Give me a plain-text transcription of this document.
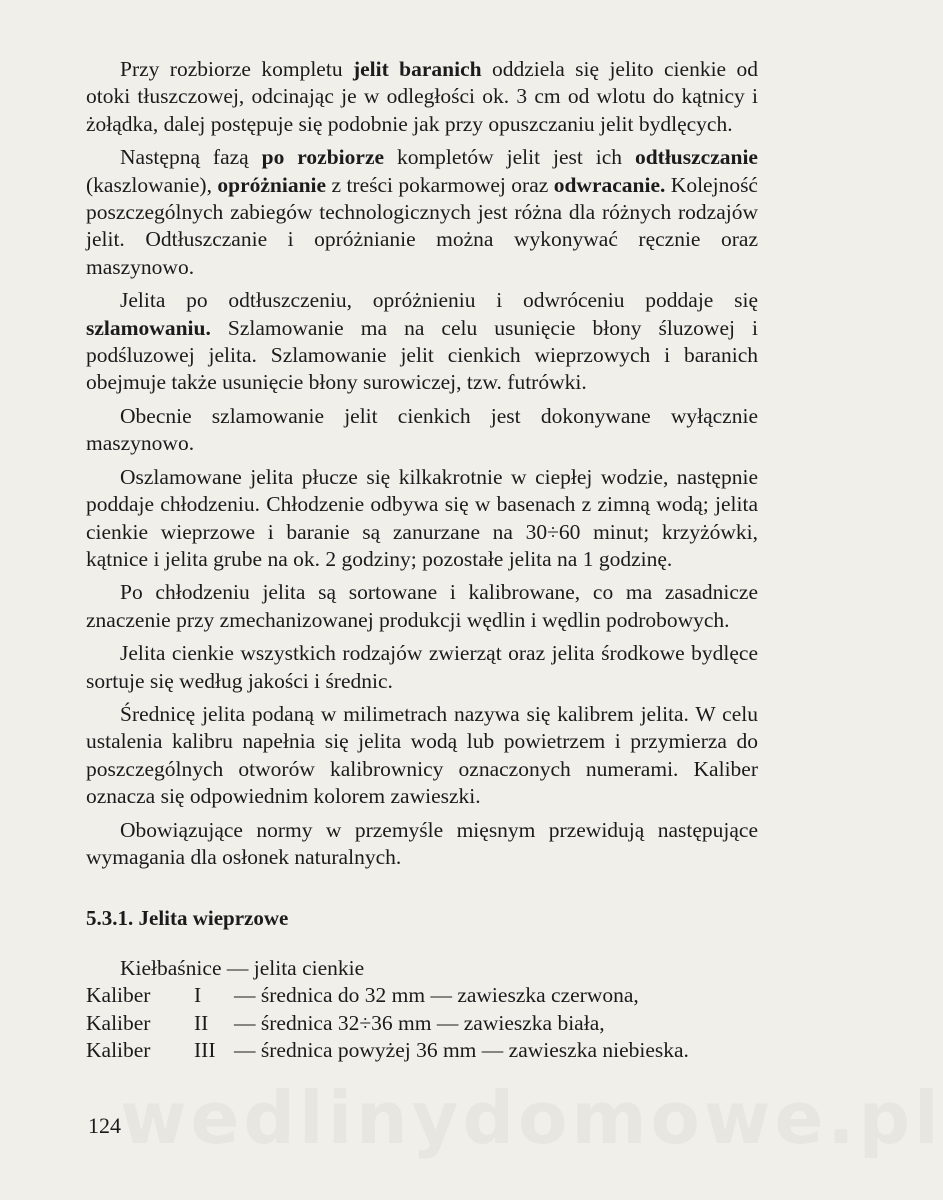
wedlinydomowe.pl

Przy rozbiorze kompletu jelit baranich oddziela się jelito cienkie od otoki tłuszczowej, odcinając je w odległości ok. 3 cm od wlotu do kątnicy i żołądka, dalej postępuje się podobnie jak przy opuszczaniu jelit bydlęcych.

Następną fazą po rozbiorze kompletów jelit jest ich odtłuszczanie (kaszlowanie), opróżnianie z treści pokarmowej oraz odwracanie. Kolejność poszczególnych zabiegów technologicznych jest różna dla różnych rodzajów jelit. Odtłuszczanie i opróżnianie można wykonywać ręcznie oraz maszynowo.

Jelita po odtłuszczeniu, opróżnieniu i odwróceniu poddaje się szlamowaniu. Szlamowanie ma na celu usunięcie błony śluzowej i podśluzowej jelita. Szlamowanie jelit cienkich wieprzowych i baranich obejmuje także usunięcie błony surowiczej, tzw. futrówki.

Obecnie szlamowanie jelit cienkich jest dokonywane wyłącznie maszynowo.

Oszlamowane jelita płucze się kilkakrotnie w ciepłej wodzie, następnie poddaje chłodzeniu. Chłodzenie odbywa się w basenach z zimną wodą; jelita cienkie wieprzowe i baranie są zanurzane na 30÷60 minut; krzyżówki, kątnice i jelita grube na ok. 2 godziny; pozostałe jelita na 1 godzinę.

Po chłodzeniu jelita są sortowane i kalibrowane, co ma zasadnicze znaczenie przy zmechanizowanej produkcji wędlin i wędlin podrobowych.

Jelita cienkie wszystkich rodzajów zwierząt oraz jelita środkowe bydlęce sortuje się według jakości i średnic.

Średnicę jelita podaną w milimetrach nazywa się kalibrem jelita. W celu ustalenia kalibru napełnia się jelita wodą lub powietrzem i przymierza do poszczególnych otworów kalibrownicy oznaczonych numerami. Kaliber oznacza się odpowiednim kolorem zawieszki.

Obowiązujące normy w przemyśle mięsnym przewidują następujące wymagania dla osłonek naturalnych.

5.3.1. Jelita wieprzowe

Kiełbaśnice — jelita cienkie

Kaliber	I	— średnica do 32 mm — zawieszka czerwona,
Kaliber	II	— średnica 32÷36 mm — zawieszka biała,
Kaliber	III — średnica powyżej 36 mm — zawieszka niebieska.
124
